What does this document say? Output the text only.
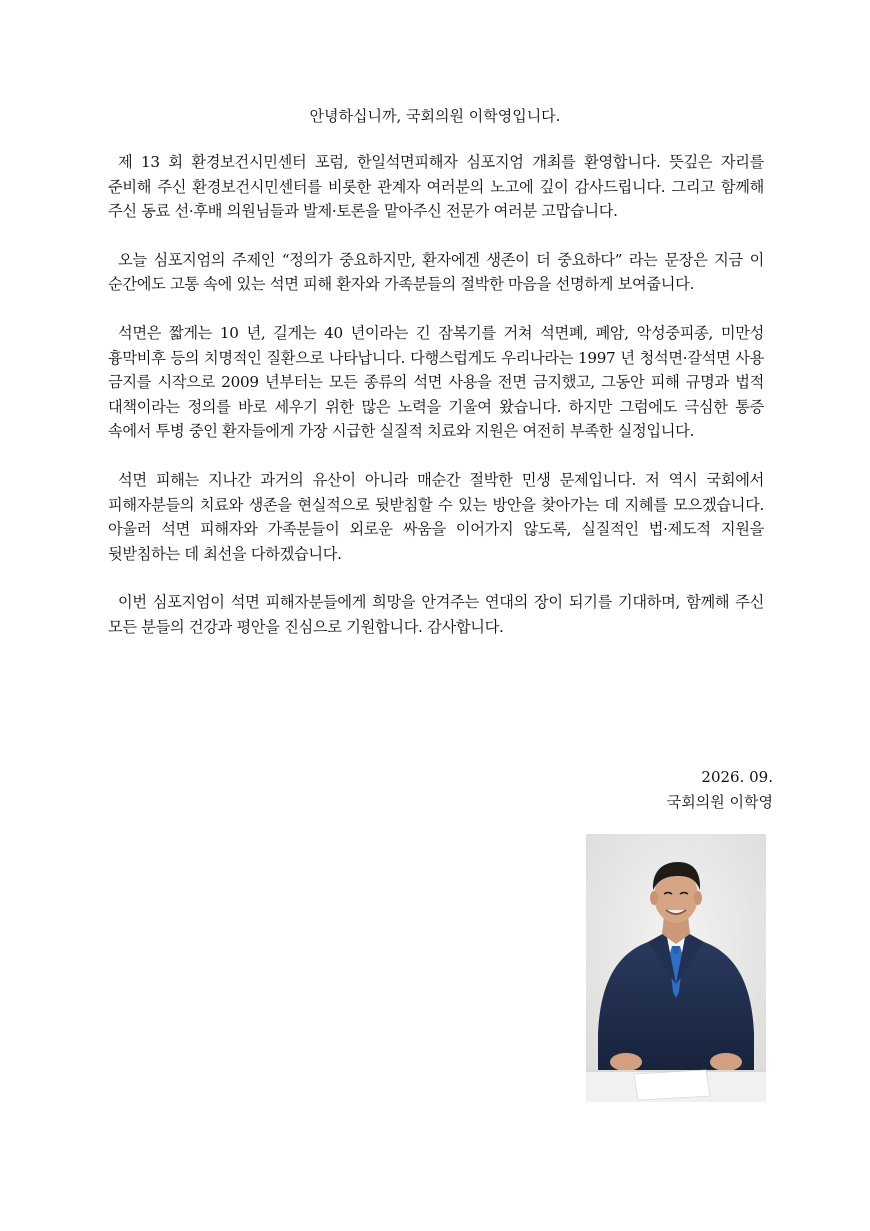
안녕하십니까, 국회의원 이학영입니다.

제 13 회 환경보건시민센터 포럼, 한일석면피해자 심포지엄 개최를 환영합니다. 뜻깊은 자리를 준비해 주신 환경보건시민센터를 비롯한 관계자 여러분의 노고에 깊이 감사드립니다. 그리고 함께해 주신 동료 선·후배 의원님들과 발제·토론을 맡아주신 전문가 여러분 고맙습니다.

오늘 심포지엄의 주제인 “정의가 중요하지만, 환자에겐 생존이 더 중요하다” 라는 문장은 지금 이 순간에도 고통 속에 있는 석면 피해 환자와 가족분들의 절박한 마음을 선명하게 보여줍니다.

석면은 짧게는 10 년, 길게는 40 년이라는 긴 잠복기를 거쳐 석면폐, 폐암, 악성중피종, 미만성 흉막비후 등의 치명적인 질환으로 나타납니다. 다행스럽게도 우리나라는 1997 년 청석면·갈석면 사용 금지를 시작으로 2009 년부터는 모든 종류의 석면 사용을 전면 금지했고, 그동안 피해 규명과 법적 대책이라는 정의를 바로 세우기 위한 많은 노력을 기울여 왔습니다. 하지만 그럼에도 극심한 통증 속에서 투병 중인 환자들에게 가장 시급한 실질적 치료와 지원은 여전히 부족한 실정입니다.

석면 피해는 지나간 과거의 유산이 아니라 매순간 절박한 민생 문제입니다. 저 역시 국회에서 피해자분들의 치료와 생존을 현실적으로 뒷받침할 수 있는 방안을 찾아가는 데 지혜를 모으겠습니다. 아울러 석면 피해자와 가족분들이 외로운 싸움을 이어가지 않도록, 실질적인 법·제도적 지원을 뒷받침하는 데 최선을 다하겠습니다.

이번 심포지엄이 석면 피해자분들에게 희망을 안겨주는 연대의 장이 되기를 기대하며, 함께해 주신 모든 분들의 건강과 평안을 진심으로 기원합니다. 감사합니다.

2026. 09.
국회의원 이학영
